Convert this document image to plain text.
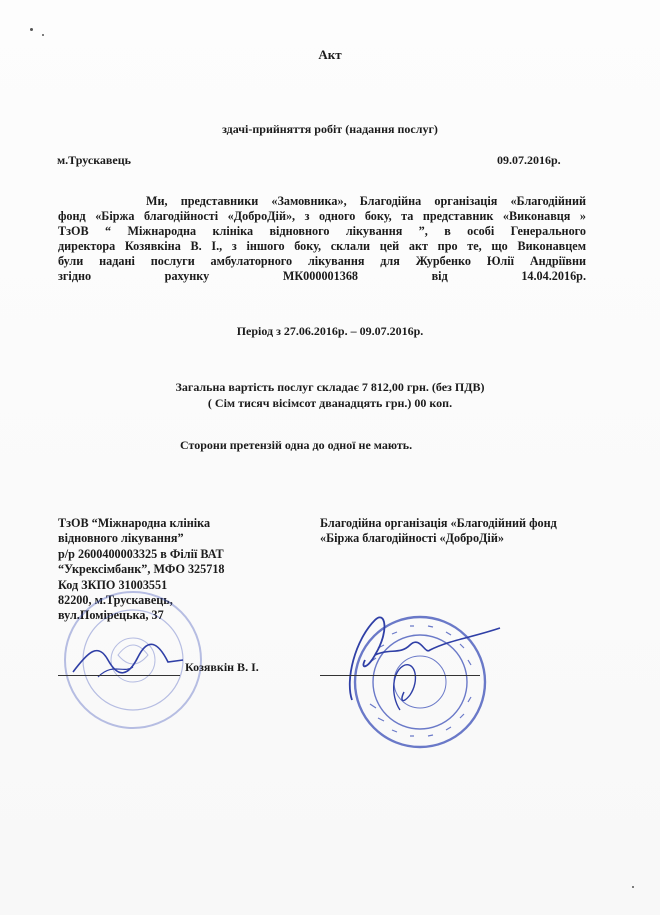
Акт
здачі-прийняття робіт (надання послуг)
м.Трускавець	09.07.2016р.
Ми, представники «Замовника», Благодійна організація «Благодійний
фонд «Біржа благодійності «ДоброДій», з одного боку, та представник «Виконавця »
ТзОВ “ Міжнародна клініка відновного лікування ”, в особі Генерального
директора Козявкіна В. І., з іншого боку, склали цей акт про те, що Виконавцем
були надані послуги амбулаторного лікування для Журбенко Юлії Андріївни
згідно рахунку МК000001368 від 14.04.2016р.
Період з 27.06.2016р. – 09.07.2016р.
Загальна вартість послуг складає 7 812,00 грн. (без ПДВ)
( Сім тисяч вісімсот дванадцять грн.) 00 коп.
Сторони претензій одна до одної не мають.
ТзОВ “Міжнародна клініка
відновного лікування”
р/р 2600400003325 в Філії ВАТ
“Укрексімбанк”, МФО 325718
Код ЗКПО 31003551
82200, м.Трускавець,
вул.Помірецька, 37
Благодійна організація «Благодійний фонд
«Біржа благодійності «ДоброДій»
Козявкін В. І.
